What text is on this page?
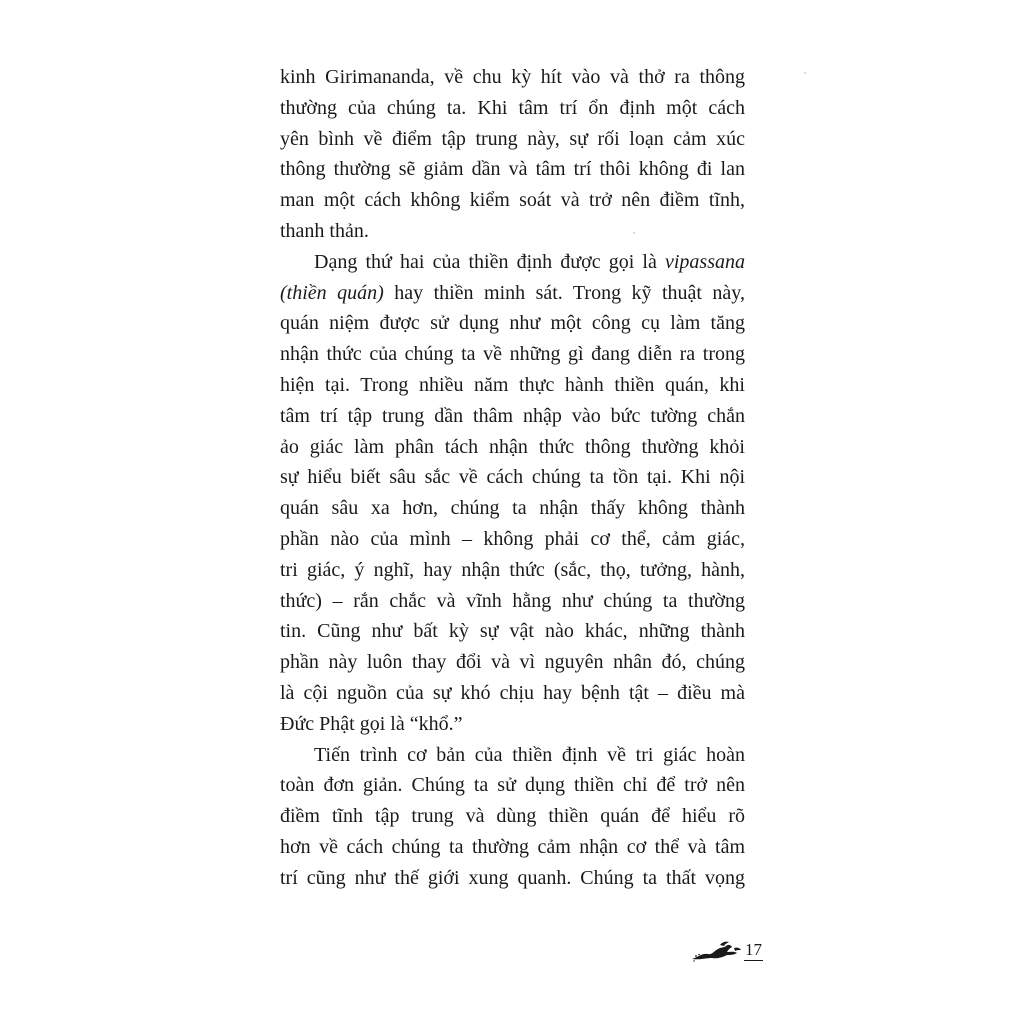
kinh Girimananda, về chu kỳ hít vào và thở ra thông
thường của chúng ta. Khi tâm trí ổn định một cách
yên bình về điểm tập trung này, sự rối loạn cảm xúc
thông thường sẽ giảm dần và tâm trí thôi không đi lan
man một cách không kiểm soát và trở nên điềm tĩnh,
thanh thản.
Dạng thứ hai của thiền định được gọi là vipassana
(thiền quán) hay thiền minh sát. Trong kỹ thuật này,
quán niệm được sử dụng như một công cụ làm tăng
nhận thức của chúng ta về những gì đang diễn ra trong
hiện tại. Trong nhiều năm thực hành thiền quán, khi
tâm trí tập trung dần thâm nhập vào bức tường chắn
ảo giác làm phân tách nhận thức thông thường khỏi
sự hiểu biết sâu sắc về cách chúng ta tồn tại. Khi nội
quán sâu xa hơn, chúng ta nhận thấy không thành
phần nào của mình – không phải cơ thể, cảm giác,
tri giác, ý nghĩ, hay nhận thức (sắc, thọ, tưởng, hành,
thức) – rắn chắc và vĩnh hằng như chúng ta thường
tin. Cũng như bất kỳ sự vật nào khác, những thành
phần này luôn thay đổi và vì nguyên nhân đó, chúng
là cội nguồn của sự khó chịu hay bệnh tật – điều mà
Đức Phật gọi là “khổ.”
Tiến trình cơ bản của thiền định về tri giác hoàn
toàn đơn giản. Chúng ta sử dụng thiền chỉ để trở nên
điềm tĩnh tập trung và dùng thiền quán để hiểu rõ
hơn về cách chúng ta thường cảm nhận cơ thể và tâm
trí cũng như thế giới xung quanh. Chúng ta thất vọng
17
